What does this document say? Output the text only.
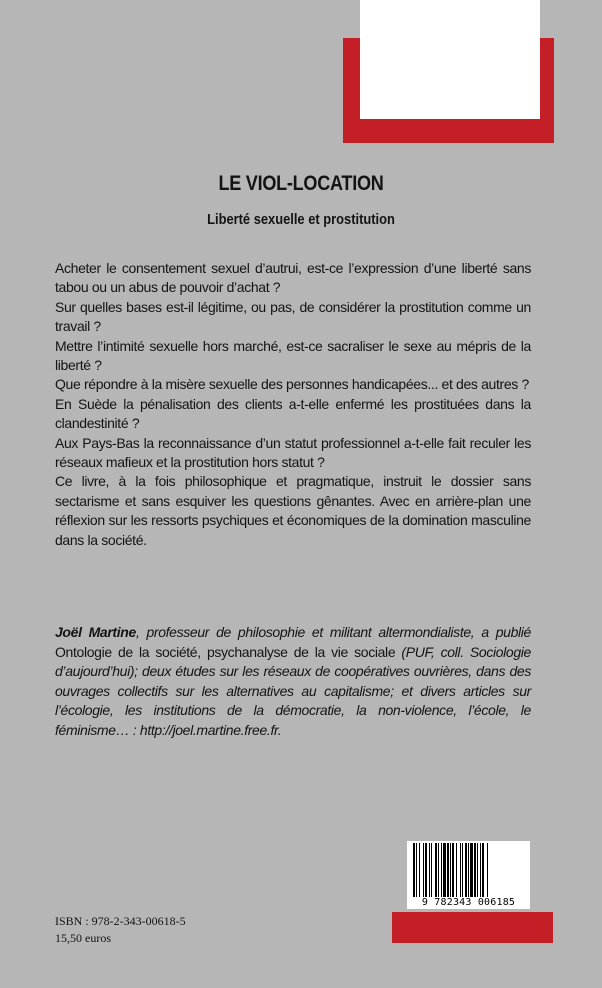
LE VIOL-LOCATION
Liberté sexuelle et prostitution

Acheter le consentement sexuel d’autrui, est-ce l’expression d’une liberté sans tabou ou un abus de pouvoir d’achat ?

Sur quelles bases est-il légitime, ou pas, de considérer la prostitution comme un travail ?

Mettre l’intimité sexuelle hors marché, est-ce sacraliser le sexe au mépris de la liberté ?

Que répondre à la misère sexuelle des personnes handicapées... et des autres ?

En Suède la pénalisation des clients a-t-elle enfermé les prostituées dans la clandestinité ?

Aux Pays-Bas la reconnaissance d’un statut professionnel a-t-elle fait reculer les réseaux mafieux et la prostitution hors statut ?

Ce livre, à la fois philosophique et pragmatique, instruit le dossier sans sectarisme et sans esquiver les questions gênantes. Avec en arrière-plan une réflexion sur les ressorts psychiques et économiques de la domination masculine dans la société.

Joël Martine, professeur de philosophie et militant altermondialiste, a publié Ontologie de la société, psychanalyse de la vie sociale (PUF, coll. Sociologie d’aujourd’hui); deux études sur les réseaux de coopératives ouvrières, dans des ouvrages collectifs sur les alternatives au capitalisme; et divers articles sur l’écologie, les institutions de la démocratie, la non-violence, l’école, le féminisme… : http://joel.martine.free.fr.

9 782343 006185
ISBN : 978-2-343-00618-5
15,50 euros
